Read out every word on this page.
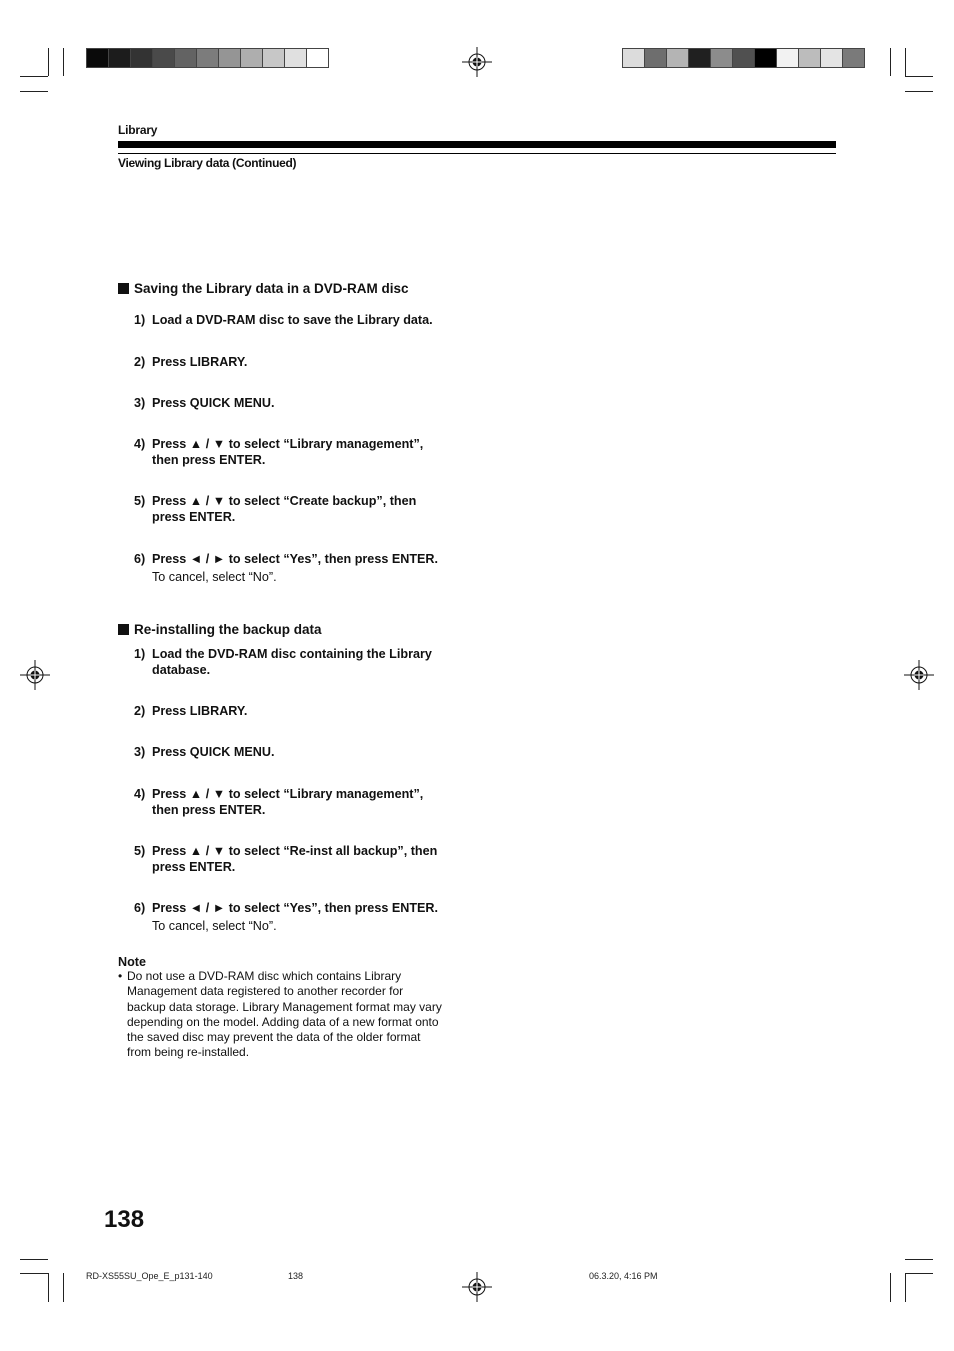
Library
Viewing Library data (Continued)
Saving the Library data in a DVD-RAM disc
1) Load a DVD-RAM disc to save the Library data.
2) Press LIBRARY.
3) Press QUICK MENU.
4) Press ▲ / ▼ to select “Library management”,
then press ENTER.
5) Press ▲ / ▼ to select “Create backup”, then
press ENTER.
6) Press ◄ / ► to select “Yes”, then press ENTER.
To cancel, select “No”.
Re-installing the backup data
1) Load the DVD-RAM disc containing the Library
database.
2) Press LIBRARY.
3) Press QUICK MENU.
4) Press ▲ / ▼ to select “Library management”,
then press ENTER.
5) Press ▲ / ▼ to select “Re-inst all backup”, then
press ENTER.
6) Press ◄ / ► to select “Yes”, then press ENTER.
To cancel, select “No”.
Note
• Do not use a DVD-RAM disc which contains Library
Management data registered to another recorder for
backup data storage. Library Management format may vary
depending on the model. Adding data of a new format onto
the saved disc may prevent the data of the older format
from being re-installed.
138
RD-XS55SU_Ope_E_p131-140	138	06.3.20, 4:16 PM
